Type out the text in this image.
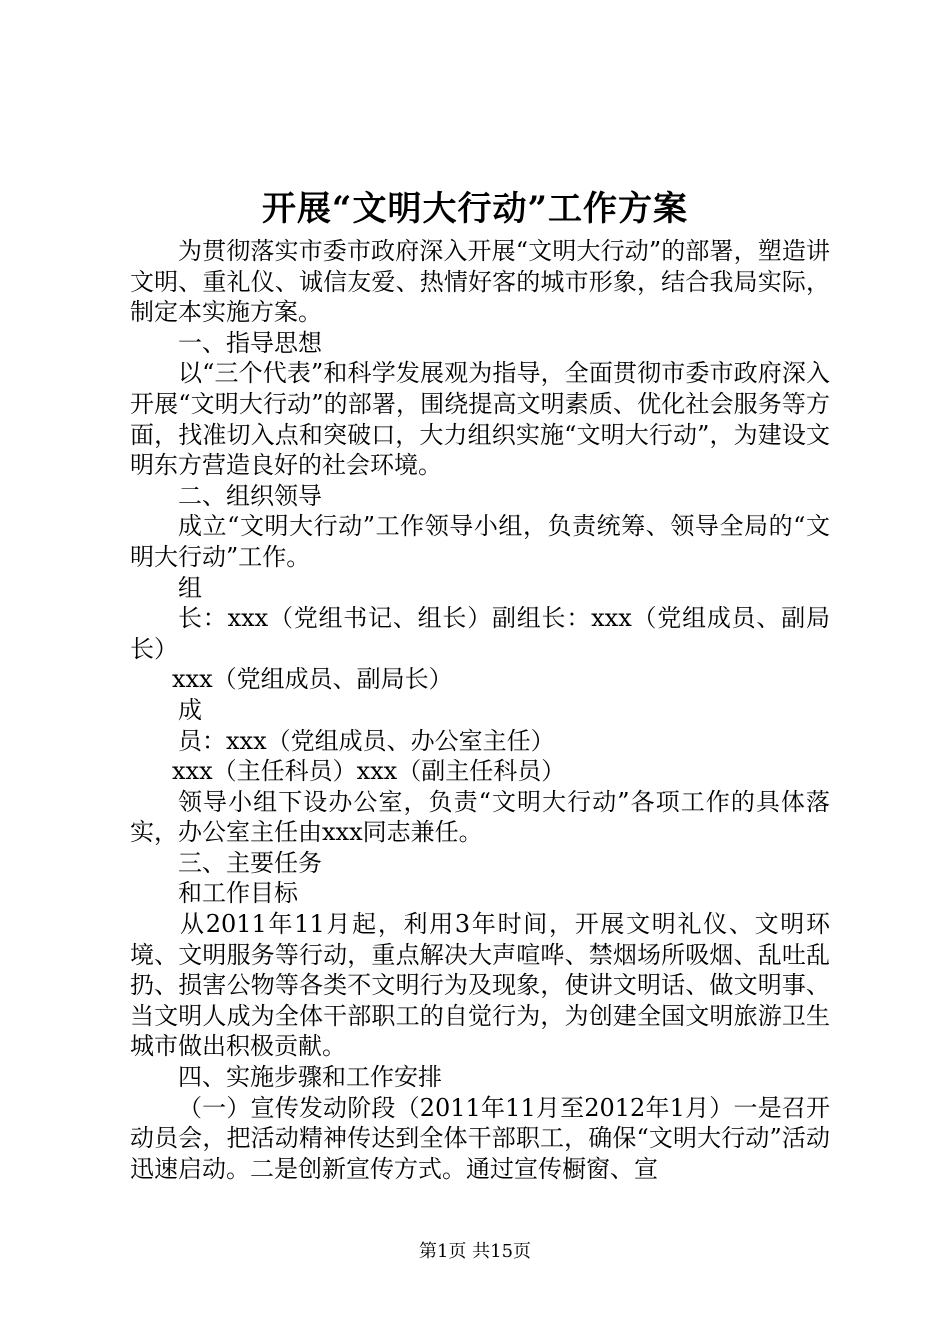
开展“文明大行动”工作方案

为贯彻落实市委市政府深入开展“文明大行动”的部署，塑造讲文明、重礼仪、诚信友爱、热情好客的城市形象，结合我局实际，制定本实施方案。

一、指导思想

以“三个代表”和科学发展观为指导，全面贯彻市委市政府深入开展“文明大行动”的部署，围绕提高文明素质、优化社会服务等方面，找准切入点和突破口，大力组织实施“文明大行动”，为建设文明东方营造良好的社会环境。

二、组织领导

成立“文明大行动”工作领导小组，负责统筹、领导全局的“文明大行动”工作。

组

长：xxx（党组书记、组长）副组长：xxx（党组成员、副局长）

xxx（党组成员、副局长）

成

员：xxx（党组成员、办公室主任）

xxx（主任科员）xxx（副主任科员）

领导小组下设办公室，负责“文明大行动”各项工作的具体落实，办公室主任由xxx同志兼任。

三、主要任务

和工作目标

从2011年11月起，利用3年时间，开展文明礼仪、文明环境、文明服务等行动，重点解决大声喧哗、禁烟场所吸烟、乱吐乱扔、损害公物等各类不文明行为及现象，使讲文明话、做文明事、当文明人成为全体干部职工的自觉行为，为创建全国文明旅游卫生城市做出积极贡献。

四、实施步骤和工作安排

（一）宣传发动阶段（2011年11月至2012年1月）一是召开动员会，把活动精神传达到全体干部职工，确保“文明大行动”活动迅速启动。二是创新宣传方式。通过宣传橱窗、宣

第1页 共15页
